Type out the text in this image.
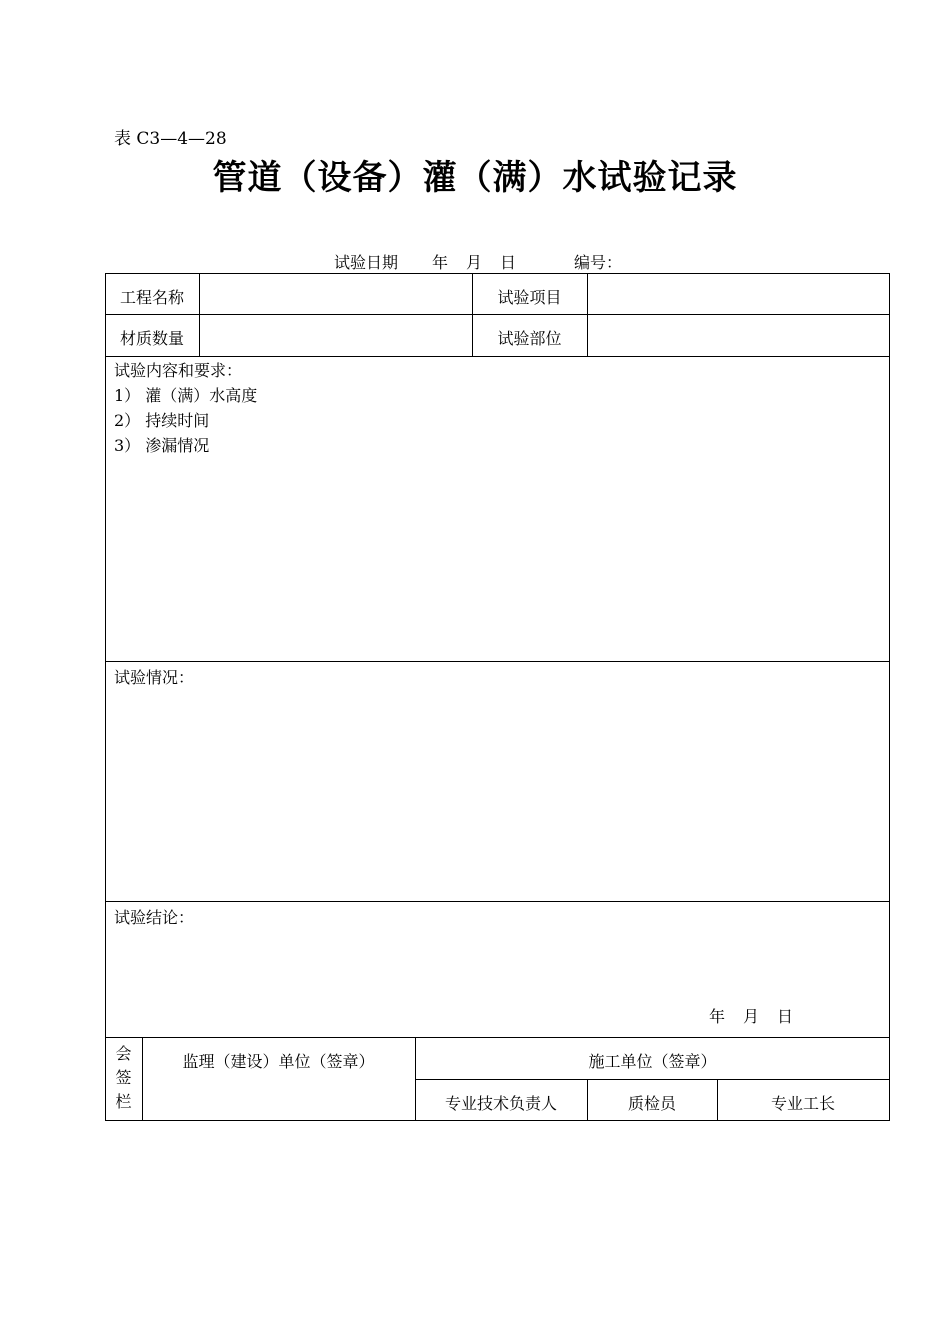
表 C3—4—28
管道（设备）灌（满）水试验记录
试验日期 年 月 日	编号：
工程名称	试验项目
材质数量	试验部位
试验内容和要求：
1） 灌（满）水高度
2） 持续时间
3） 渗漏情况
试验情况：
试验结论：
年 月 日
会
签
栏
监理（建设）单位（签章）	施工单位（签章）
专业技术负责人	质检员	专业工长
